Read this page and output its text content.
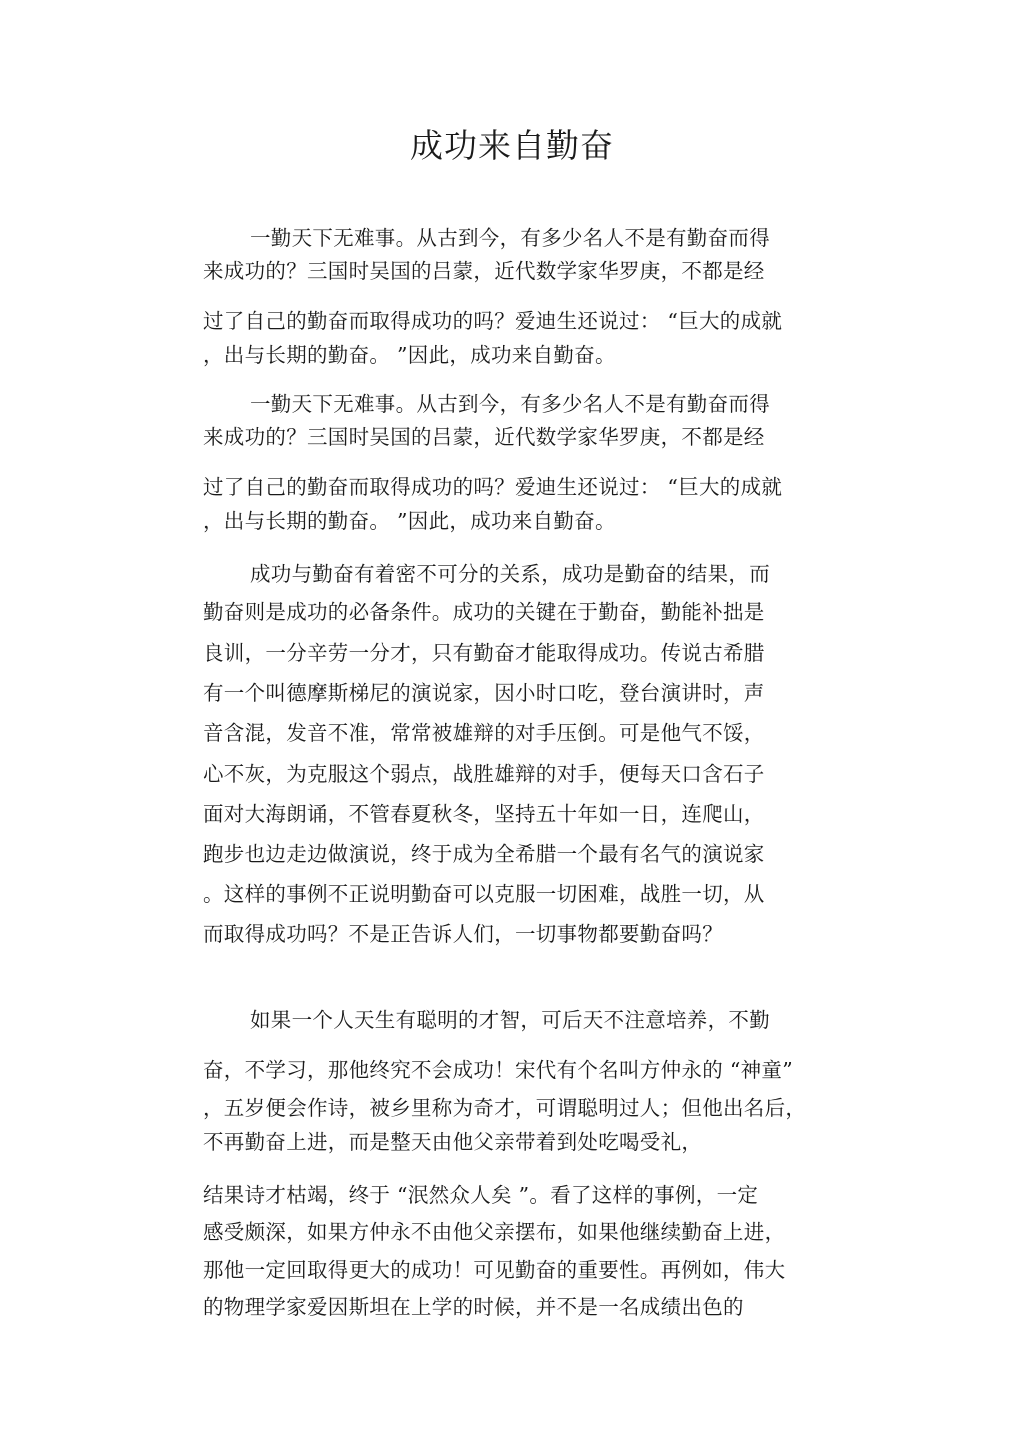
成功来自勤奋
一勤天下无难事。从古到今，有多少名人不是有勤奋而得
来成功的？三国时吴国的吕蒙，近代数学家华罗庚，不都是经
过了自己的勤奋而取得成功的吗？爱迪生还说过： “巨大的成就
，出与长期的勤奋。 ”因此，成功来自勤奋。
一勤天下无难事。从古到今，有多少名人不是有勤奋而得
来成功的？三国时吴国的吕蒙，近代数学家华罗庚，不都是经
过了自己的勤奋而取得成功的吗？爱迪生还说过： “巨大的成就
，出与长期的勤奋。 ”因此，成功来自勤奋。
成功与勤奋有着密不可分的关系，成功是勤奋的结果，而
勤奋则是成功的必备条件。成功的关键在于勤奋，勤能补拙是
良训，一分辛劳一分才，只有勤奋才能取得成功。传说古希腊
有一个叫德摩斯梯尼的演说家，因小时口吃，登台演讲时，声
音含混，发音不准，常常被雄辩的对手压倒。可是他气不馁，
心不灰，为克服这个弱点，战胜雄辩的对手，便每天口含石子
面对大海朗诵，不管春夏秋冬，坚持五十年如一日，连爬山，
跑步也边走边做演说，终于成为全希腊一个最有名气的演说家
。这样的事例不正说明勤奋可以克服一切困难，战胜一切，从
而取得成功吗？不是正告诉人们，一切事物都要勤奋吗？
如果一个人天生有聪明的才智，可后天不注意培养，不勤
奋，不学习，那他终究不会成功！宋代有个名叫方仲永的 “神童”
，五岁便会作诗，被乡里称为奇才，可谓聪明过人；但他出名后，
不再勤奋上进，而是整天由他父亲带着到处吃喝受礼，
结果诗才枯竭，终于 “泯然众人矣 ”。看了这样的事例，一定
感受颇深，如果方仲永不由他父亲摆布，如果他继续勤奋上进，
那他一定回取得更大的成功！可见勤奋的重要性。再例如，伟大
的物理学家爱因斯坦在上学的时候，并不是一名成绩出色的
